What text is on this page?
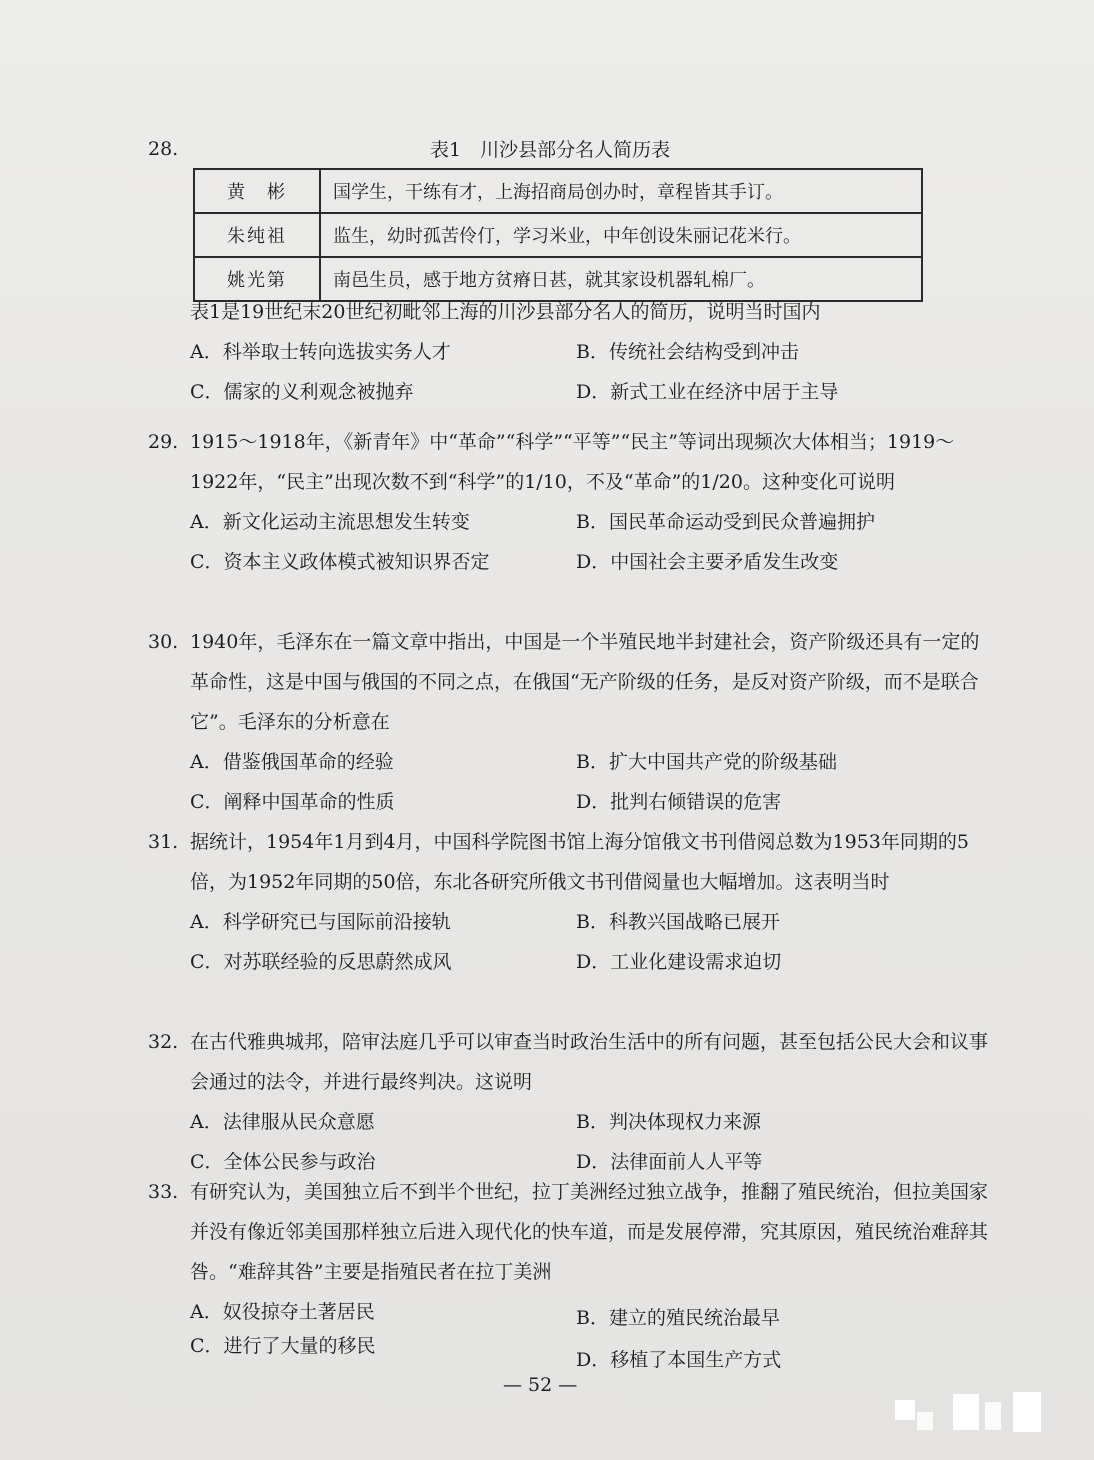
28.	表1　川沙县部分名人简历表
黄　彬	国学生，干练有才，上海招商局创办时，章程皆其手订。
朱纯祖	监生，幼时孤苦伶仃，学习米业，中年创设朱丽记花米行。
姚光第	南邑生员，感于地方贫瘠日甚，就其家设机器轧棉厂。
表1是19世纪末20世纪初毗邻上海的川沙县部分名人的简历，说明当时国内
A．科举取士转向选拔实务人才	B．传统社会结构受到冲击
C．儒家的义利观念被抛弃	D．新式工业在经济中居于主导
29. 1915～1918年，《新青年》中“革命”“科学”“平等”“民主”等词出现频次大体相当；1919～1922年，“民主”出现次数不到“科学”的1/10，不及“革命”的1/20。这种变化可说明
A．新文化运动主流思想发生转变	B．国民革命运动受到民众普遍拥护
C．资本主义政体模式被知识界否定	D．中国社会主要矛盾发生改变
30. 1940年，毛泽东在一篇文章中指出，中国是一个半殖民地半封建社会，资产阶级还具有一定的革命性，这是中国与俄国的不同之点，在俄国“无产阶级的任务，是反对资产阶级，而不是联合它”。毛泽东的分析意在
A．借鉴俄国革命的经验	B．扩大中国共产党的阶级基础
C．阐释中国革命的性质	D．批判右倾错误的危害
31. 据统计，1954年1月到4月，中国科学院图书馆上海分馆俄文书刊借阅总数为1953年同期的5倍，为1952年同期的50倍，东北各研究所俄文书刊借阅量也大幅增加。这表明当时
A．科学研究已与国际前沿接轨	B．科教兴国战略已展开
C．对苏联经验的反思蔚然成风	D．工业化建设需求迫切
32. 在古代雅典城邦，陪审法庭几乎可以审查当时政治生活中的所有问题，甚至包括公民大会和议事会通过的法令，并进行最终判决。这说明
A．法律服从民众意愿	B．判决体现权力来源
C．全体公民参与政治	D．法律面前人人平等
33. 有研究认为，美国独立后不到半个世纪，拉丁美洲经过独立战争，推翻了殖民统治，但拉美国家并没有像近邻美国那样独立后进入现代化的快车道，而是发展停滞，究其原因，殖民统治难辞其咎。“难辞其咎”主要是指殖民者在拉丁美洲
A．奴役掠夺土著居民	B．建立的殖民统治最早
C．进行了大量的移民
D．移植了本国生产方式
— 52 —
